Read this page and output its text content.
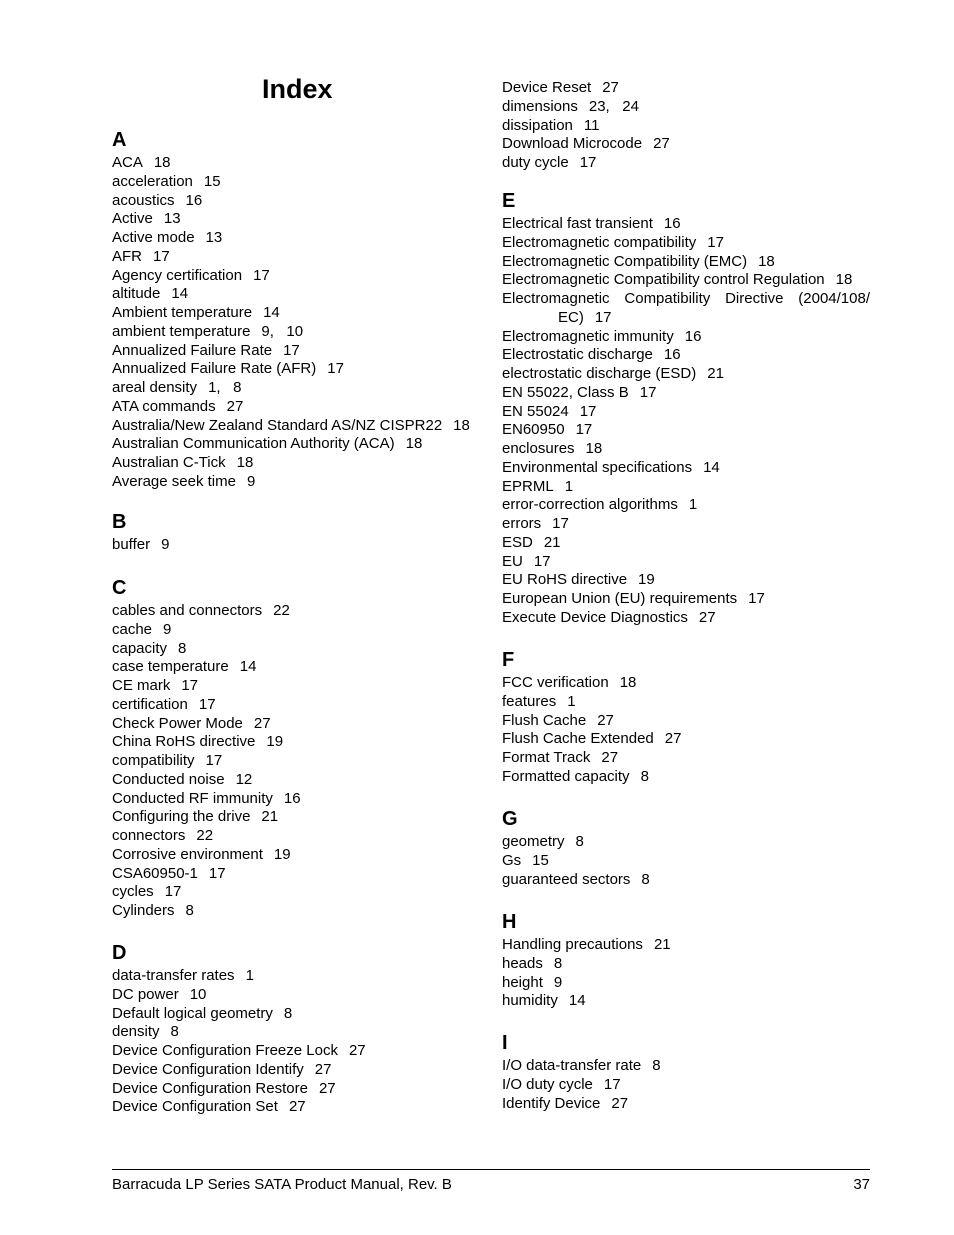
Index
A
ACA 18
acceleration 15
acoustics 16
Active 13
Active mode 13
AFR 17
Agency certification 17
altitude 14
Ambient temperature 14
ambient temperature 9,   10
Annualized Failure Rate 17
Annualized Failure Rate (AFR) 17
areal density 1,   8
ATA commands 27
Australia/New Zealand Standard AS/NZ CISPR22 18
Australian Communication Authority (ACA) 18
Australian C-Tick 18
Average seek time 9
B
buffer 9
C
cables and connectors 22
cache 9
capacity 8
case temperature 14
CE mark 17
certification 17
Check Power Mode 27
China RoHS directive 19
compatibility 17
Conducted noise 12
Conducted RF immunity 16
Configuring the drive 21
connectors 22
Corrosive environment 19
CSA60950-1 17
cycles 17
Cylinders 8
D
data-transfer rates 1
DC power 10
Default logical geometry 8
density 8
Device Configuration Freeze Lock 27
Device Configuration Identify 27
Device Configuration Restore 27
Device Configuration Set 27
Device Reset 27
dimensions 23,   24
dissipation 11
Download Microcode 27
duty cycle 17
E
Electrical fast transient 16
Electromagnetic compatibility 17
Electromagnetic Compatibility (EMC) 18
Electromagnetic Compatibility control Regulation 18
Electromagnetic Compatibility Directive (2004/108/
EC) 17
Electromagnetic immunity 16
Electrostatic discharge 16
electrostatic discharge (ESD) 21
EN 55022, Class B 17
EN 55024 17
EN60950 17
enclosures 18
Environmental specifications 14
EPRML 1
error-correction algorithms 1
errors 17
ESD 21
EU 17
EU RoHS directive 19
European Union (EU) requirements 17
Execute Device Diagnostics 27
F
FCC verification 18
features 1
Flush Cache 27
Flush Cache Extended 27
Format Track 27
Formatted capacity 8
G
geometry 8
Gs 15
guaranteed sectors 8
H
Handling precautions 21
heads 8
height 9
humidity 14
I
I/O data-transfer rate 8
I/O duty cycle 17
Identify Device 27
Barracuda LP Series SATA Product Manual, Rev. B	37
